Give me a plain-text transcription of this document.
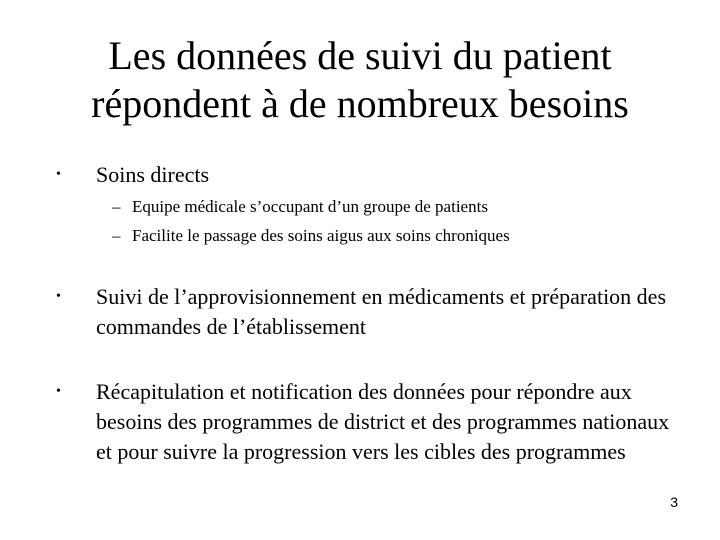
Les données de suivi du patient
répondent à de nombreux besoins
• Soins directs
– Equipe médicale s’occupant d’un groupe de patients
– Facilite le passage des soins aigus aux soins chroniques
• Suivi de l’approvisionnement en médicaments et préparation des commandes de l’établissement
• Récapitulation et notification des données pour répondre aux besoins des programmes de district et des programmes nationaux et pour suivre la progression vers les cibles des programmes
3
